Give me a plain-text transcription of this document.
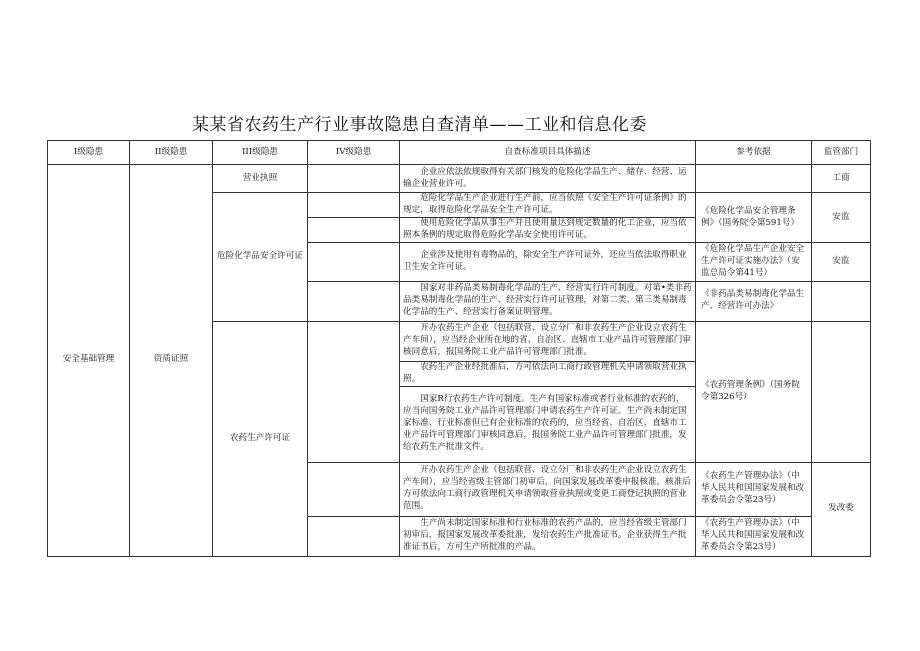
某某省农药生产行业事故隐患自查清单——工业和信息化委
I级隐患	II级隐患	III级隐患	IV级隐患	自查标准项目具体描述	参考依据	监管部门
安全基础管理	资质证照	营业执照		企业应依法依规取得有关部门核发的危险化学品生产、储存、经营、运输企业营业许可。		工商
		危险化学品安全许可证		危险化学品生产企业进行生产前，应当依照《安全生产许可证条例》的规定，取得危险化学品安全生产许可证。	《危险化学品安全管理条例》（国务院令第591号）	安监
				使用危险化学品从事生产并且使用量达到规定数量的化工企业，应当依照本条例的规定取得危险化学品安全使用许可证。		
				企业涉及使用有毒物品的，除安全生产许可证外，还应当依法取得职业卫生安全许可证。	《危险化学品生产企业安全生产许可证实施办法》（安监总局令第41号）	安监
				国家对非药品类易制毒化学品的生产、经营实行许可制度。对第•类非药品类易制毒化学品的生产、经营实行许可证管理，对第二类、第三类易制毒化学品的生产、经营实行备案证明管理。	《非药品类易制毒化学品生产、经营许可办法》	
		农药生产许可证		开办农药生产企业（包括联营、设立分厂和非农药生产企业设立农药生产车间），应当经企业所在地的省、自治区、直辖市工业产品许可管理部门审核同意后，报国务院工业产品许可管理部门批准。	《农药管理条例》（国务院令第326号）	
				农药生产企业经批准后，方可依法向工商行政管理机关申请领取营业执照。		
				国家R行农药生产许可制度。生产有国家标准或者行业标准的农药的，应当向国务院工业产品许可管理部门申请农药生产许可证。生产尚未制定国家标准、行业标准但已有企业标准的农药的，应当经省、自治区、直辖市工业产品许可管理部门审核同意后，报国务院工业产品许可管理部门批准，发给农药生产批准文件。		
				开办农药生产企业（包括联营、设立分厂和非农药生产企业设立农药生产车间），应当经省级主管部门初审后，向国家发展改革委申报核准，核准后方可依法向工商行政管理机关申请领取营业执照或变更工商登记执照的营业范围。	《农药生产管理办法》（中华人民共和国国家发展和改革委员会令第23号）	发改委
				生产尚未制定国家标准和行业标准的农药产品的，应当经省级主管部门初审后，报国家发展改革委批准，发给农药生产批准证书。企业获得生产批准证书后，方可生产所批准的产品。	《农药生产管理办法》（中华人民共和国国家发展和改革委员会令第23号）	
